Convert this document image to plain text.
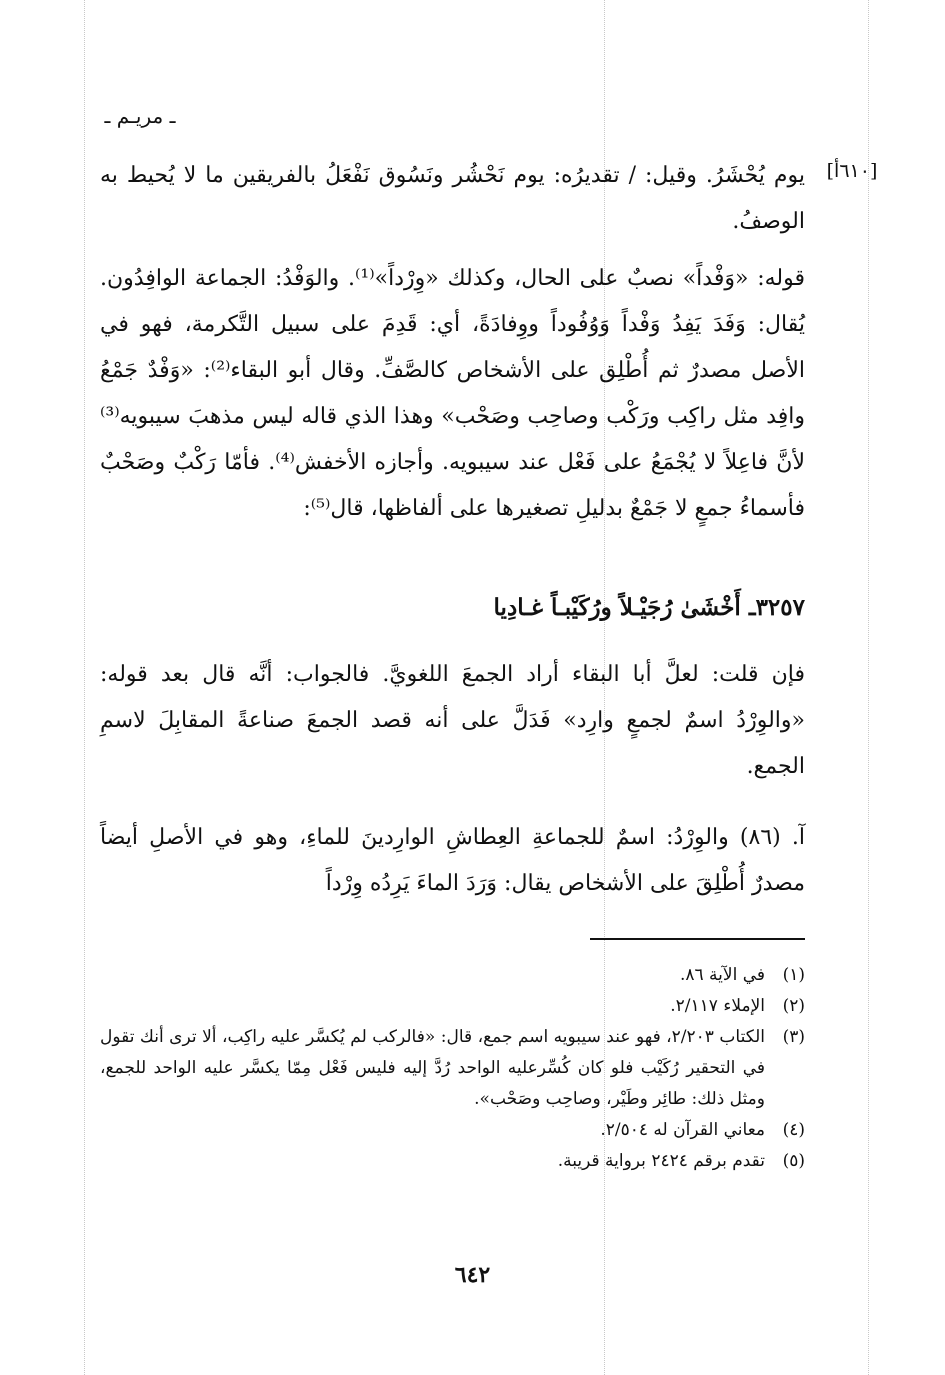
ـ مريـم ـ
[٦١٠أ]
يوم يُحْشَرُ. وقيل: / تقديرُه: يوم نَحْشُر ونَسُوق نَفْعَلُ بالفريقين ما لا يُحيط به الوصفُ.
قوله: «وَفْداً» نصبٌ على الحال، وكذلك «وِرْداً»⁽¹⁾. والوَفْدُ: الجماعة الوافِدُون. يُقال: وَفَدَ يَفِدُ وَفْداً وَوُفُوداً ووِفادَةً، أي: قَدِمَ على سبيل التَّكرمة، فهو في الأصل مصدرٌ ثم أُطْلِق على الأشخاص كالصَّفِّ. وقال أبو البقاء⁽²⁾: «وَفْدٌ جَمْعُ وافِد مثل راكِب ورَكْب وصاحِب وصَحْب» وهذا الذي قاله ليس مذهبَ سيبويه⁽³⁾ لأنَّ فاعِلاً لا يُجْمَعُ على فَعْل عند سيبويه. وأجازه الأخفش⁽⁴⁾. فأمّا رَكْبٌ وصَحْبٌ فأسماءُ جمعٍ لا جَمْعٌ بدليلِ تصغيرها على ألفاظها، قال⁽⁵⁾:
٣٢٥٧ـ أَخْشَىٰ رُجَيْـلاً ورُكَيْبـاً غـادِيا
فإن قلت: لعلَّ أبا البقاء أراد الجمعَ اللغويَّ. فالجواب: أنَّه قال بعد قوله: «والوِرْدُ اسمٌ لجمعٍ وارِد» فَدَلَّ على أنه قصد الجمعَ صناعةً المقابِلَ لاسمِ الجمع.
آ. (٨٦) والوِرْدُ: اسمٌ للجماعةِ العِطاشِ الوارِدينَ للماءِ، وهو في الأصلِ أيضاً مصدرٌ أُطْلِقَ على الأشخاص يقال: وَرَدَ الماءَ يَرِدُه وِرْداً
(١)
في الآية ٨٦.
(٢)
الإملاء ٢/١١٧.
(٣)
الكتاب ٢/٢٠٣، فهو عند سيبويه اسم جمع، قال: «فالركب لم يُكسَّر عليه راكِب، ألا ترى أنك تقول في التحقير رُكَيْب فلو كان كُسِّرعليه الواحد رُدَّ إليه فليس فَعْل مِمّا يكسَّر عليه الواحد للجمع، ومثل ذلك: طائِر وطَيْر، وصاحِب وصَحْب».
(٤)
معاني القرآن له ٢/٥٠٤.
(٥)
تقدم برقم ٢٤٢٤ برواية قريبة.
٦٤٢
